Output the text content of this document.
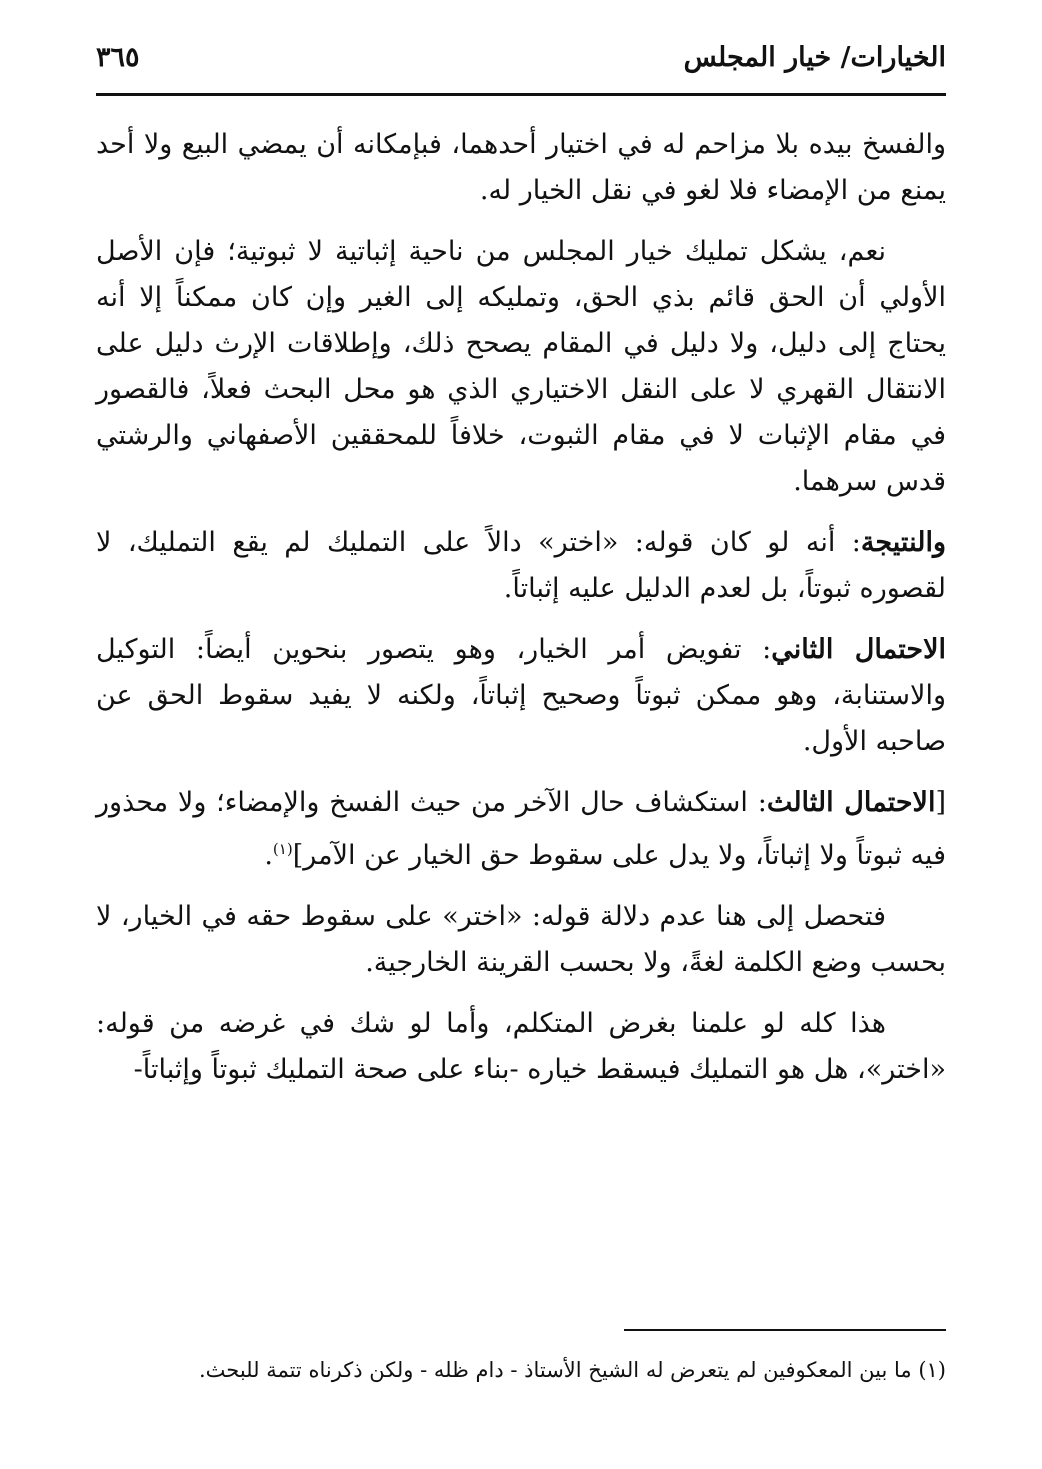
الخيارات/ خيار المجلس
٣٦٥

والفسخ بيده بلا مزاحم له في اختيار أحدهما، فبإمكانه أن يمضي البيع ولا أحد يمنع من الإمضاء فلا لغو في نقل الخيار له.

نعم، يشكل تمليك خيار المجلس من ناحية إثباتية لا ثبوتية؛ فإن الأصل الأولي أن الحق قائم بذي الحق، وتمليكه إلى الغير وإن كان ممكناً إلا أنه يحتاج إلى دليل، ولا دليل في المقام يصحح ذلك، وإطلاقات الإرث دليل على الانتقال القهري لا على النقل الاختياري الذي هو محل البحث فعلاً، فالقصور في مقام الإثبات لا في مقام الثبوت، خلافاً للمحققين الأصفهاني والرشتي قدس سرهما.

والنتيجة: أنه لو كان قوله: «اختر» دالاً على التمليك لم يقع التمليك، لا لقصوره ثبوتاً، بل لعدم الدليل عليه إثباتاً.

الاحتمال الثاني: تفويض أمر الخيار، وهو يتصور بنحوين أيضاً: التوكيل والاستنابة، وهو ممكن ثبوتاً وصحيح إثباتاً، ولكنه لا يفيد سقوط الحق عن صاحبه الأول.

[الاحتمال الثالث: استكشاف حال الآخر من حيث الفسخ والإمضاء؛ ولا محذور فيه ثبوتاً ولا إثباتاً، ولا يدل على سقوط حق الخيار عن الآمر]$^{(١)}$.

فتحصل إلى هنا عدم دلالة قوله: «اختر» على سقوط حقه في الخيار، لا بحسب وضع الكلمة لغةً، ولا بحسب القرينة الخارجية.

هذا كله لو علمنا بغرض المتكلم، وأما لو شك في غرضه من قوله: «اختر»، هل هو التمليك فيسقط خياره -بناء على صحة التمليك ثبوتاً وإثباتاً-

(١) ما بين المعكوفين لم يتعرض له الشيخ الأستاذ - دام ظله - ولكن ذكرناه تتمة للبحث.
